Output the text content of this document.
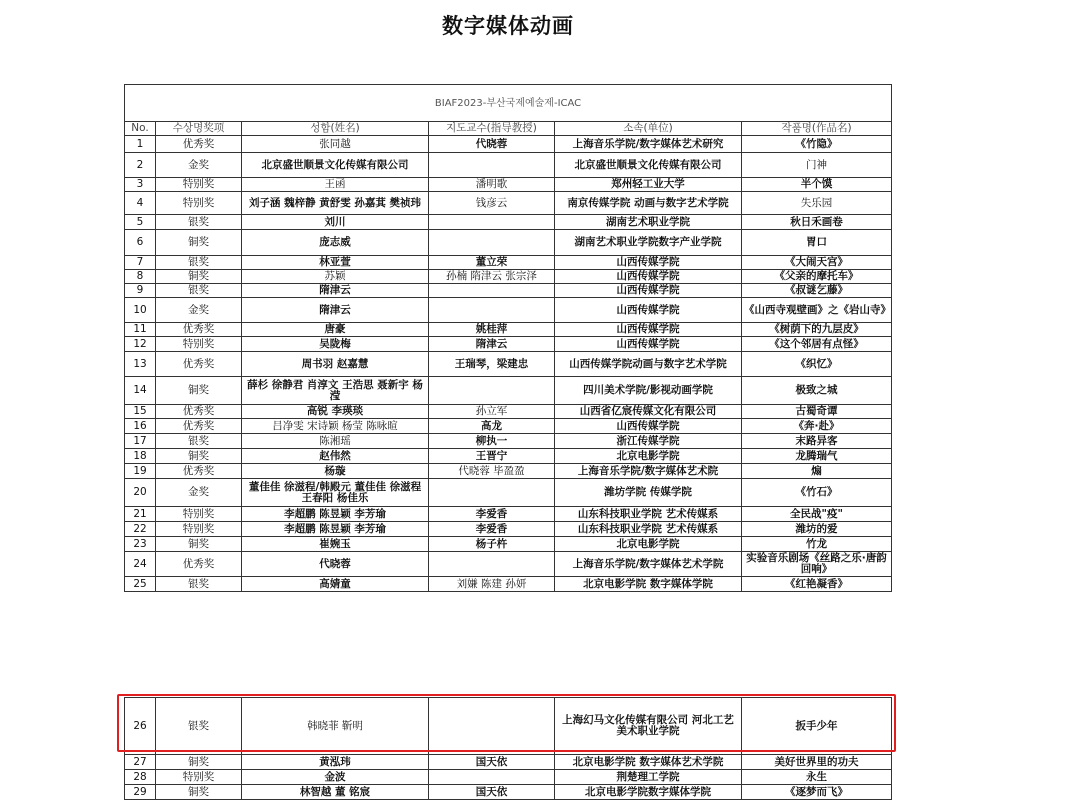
数字媒体动画
BIAF2023-부산국제예술제-ICAC					
No.	수상명奖项	성함(姓名)	지도교수(指导教授)	소속(单位)	작품명(作品名)
1	优秀奖	张同越	代晓蓉	上海音乐学院/数字媒体艺术研究	《竹隐》
2	金奖	北京盛世顺景文化传媒有限公司		北京盛世顺景文化传媒有限公司	门神
3	特别奖	王函	潘明歌	郑州轻工业大学	半个馍
4	特别奖	刘子涵 魏梓静 黄舒雯 孙嘉萁 樊祯玮	钱彦云	南京传媒学院 动画与数字艺术学院	失乐园
5	银奖	刘川		湖南艺术职业学院	秋日禾画卷
6	铜奖	庞志威		湖南艺术职业学院数字产业学院	胃口
7	银奖	林亚萱	董立荣	山西传媒学院	《大闹天宫》
8	铜奖	苏颖	孙楠 隋津云 张宗泽	山西传媒学院	《父亲的摩托车》
9	银奖	隋津云		山西传媒学院	《叔谜乞藤》
10	金奖	隋津云		山西传媒学院	《山西寺观壁画》之《岩山寺》
11	优秀奖	唐豪	姚桂萍	山西传媒学院	《树荫下的九层皮》
12	特别奖	吴陇梅	隋津云	山西传媒学院	《这个邻居有点怪》
13	优秀奖	周书羽 赵嘉慧	王瑞琴，梁建忠	山西传媒学院动画与数字艺术学院	《织忆》
14	铜奖	薛杉 徐静君 肖淳文 王浩思 聂新宇 杨滢		四川美术学院/影视动画学院	极致之城
15	优秀奖	高锐 李瑛琰	孙立军	山西省亿宸传媒文化有限公司	古蜀奇谭
16	优秀奖	吕净雯 宋诗颖 杨莹 陈咏暄	高龙	山西传媒学院	《奔·赴》
17	银奖	陈湘瑶	柳执一	浙江传媒学院	末路异客
18	铜奖	赵伟然	王晋宁	北京电影学院	龙腾瑞气
19	优秀奖	杨璇	代晓蓉 毕盈盈	上海音乐学院/数字媒体艺术院	煽
20	金奖	董佳佳 徐滋程/韩殿元 董佳佳 徐滋程 王春阳 杨佳乐		潍坊学院 传媒学院	《竹石》
21	特别奖	李超鹏 陈昱颖 李芳瑜	李爱香	山东科技职业学院 艺术传媒系	全民战"疫"
22	特别奖	李超鹏 陈昱颖 李芳瑜	李爱香	山东科技职业学院 艺术传媒系	潍坊的爱
23	铜奖	崔婉玉	杨子杵	北京电影学院	竹龙
24	优秀奖	代晓蓉		上海音乐学院/数字媒体艺术学院	实验音乐剧场《丝路之乐·唐韵回响》
25	银奖	高婧童	刘嫌 陈建 孙妍	北京电影学院 数字媒体学院	《红艳凝香》
26	银奖	韩晓菲 靳明		上海幻马文化传媒有限公司 河北工艺美术职业学院	扳手少年
27	铜奖	黄泓玮	国天依	北京电影学院 数字媒体艺术学院	美好世界里的功夫
28	特别奖	金波		荆楚理工学院	永生
29	铜奖	林智越 董 铭宸	国天依	北京电影学院数字媒体学院	《逐梦而飞》
